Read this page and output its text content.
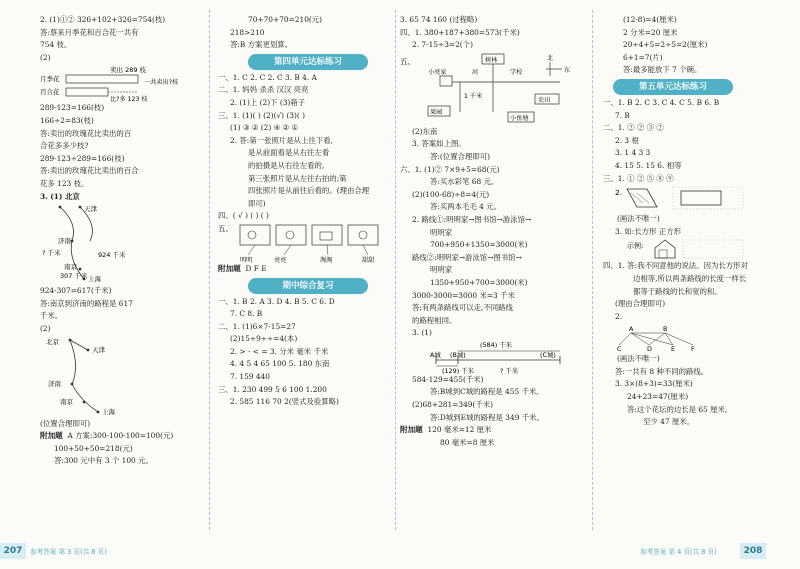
2. (1)①② 326+102+326=754(枝)
答:蔡来月季花和百合花一共有
754 枝。
(2)
卖出 289 枝
月季花
百合花
一共卖出?枝
比?多 123 枝
289-123=166(枝)
166÷2=83(枝)
答:卖出的玫瑰花比卖出的百
合花多多少枝?
289-123÷289=166(枝)
答:卖出的玫瑰花比卖出的百合
花多 123 枝。
3. (1) 北京
天津
济南
南京
上海
? 千米	924 千米
307 千米
924-307=617(千米)
答:南京到济南的路程是 617
千米。
(2)
北京
天津
济南
南京
上海
(位置合理即可)
附加题 A 方案:300-100-100=100(元)
100+50+50=218(元)
答:300 元中有 3 个 100 元。
70+70+70=210(元)
218>210
答:B 方案更划算。
第四单元达标练习
一、1. C 2. C 2. C 3. B 4. A
二、1. 妈妈 杀杀 汉汉 亮亮
2. (1)上 (2)下 (3)箱子
三、1. (1)( ) (2)(√) (3)( )
(1) ③ ② (2) ④ ② ①
2. 答:第一张照片是从上往下看,
是从前面看是从右往左看
的拍摄是从右往左看的,
第三张照片是从左往右拍的;第
四张照片是从前往后看的。(理由合理
即可)
四、( √ ) ( ) ( )
五、
明明	亮亮	淘淘	甜甜
附加题 D F E
期中综合复习
一、1. B 2. A 3. D 4. B 5. C 6. D
7. C 8. B
二、1. (1)6×7-15=27
(2)15÷9÷÷=4(本)
2. > - < = 3. 分米 毫米 千米
4. 4 5 4 65 100 5. 180 东南
7. 159 440
三、1. 230 499 5 6 100 1.200
2. 585 116 70 2(竖式及验算略)
3. 65 74 160 (过程略)
四、1. 380+187+380=573(千米)
2. 7-15÷3=2(个)
五、	树林
小亮家	学校
1 千米
河
果园
农田
小鱼塘
北
东
(2)东南
3. 答案如上图。
答:(位置合理即可)
六、1. (1)② 7×9+5=68(元)
答:买水彩笔 68 元。
(2)(100-68)÷8=4(元)
答:买两本毛毛 4 元。
2. 路线①:明明家→图书馆→游泳馆→
明明家
700+950+1350=3000(米)
路线②:明明家→游泳馆→图书馆→
明明家
1350+950+700=3000(米)
3000-3000=3000 米=3 千米
答:有两条路线可以走,不同路线
的路程相同。
3. (1)
(584) 千米
A城 (B城)	(C城)
(129) 千米	? 千米
584-129=455(千米)
答:B城到C城的路程是 455 千米。
(2)68+281=349(千米)
答:D城到E城的路程是 349 千米。
附加题 120 毫米=12 厘米
80 毫米=8 厘米
(12-8)=4(厘米)
2 分米=20 厘米
20÷4+5=2÷5=2(厘米)
6+1=7(片)
答:最多能放下 7 个碗。
第五单元达标练习
一、1. B 2. C 3. C 4. C 5. B 6. B
7. B
二、1. ② ② ③ ②
2. 3 根
3. 1 4 3 3
4. 15 5. 15 6. 相等
三、1. ① ② ⑤ ⑧ ⑨
2.
(画法不唯一)
3. 如:长方形 正方形
示例:
四、1. 答:我不同意他的说法。因为长方形对
边相等,所以两条路线的长度一样长
都等于路线的长和宽的和。
(理由合理即可)
2.
A	B
C	D	E F
(画法不唯一)
答:一共有 8 种不同的路线。
3. 3×(8+3)=33(厘米)
24+23=47(厘米)
答:这个花坛的边长是 65 厘米,
至少 47 厘米。
207	参考答案 第 3 页(共 8 页)	参考答案 第 4 页(共 8 页)	208
